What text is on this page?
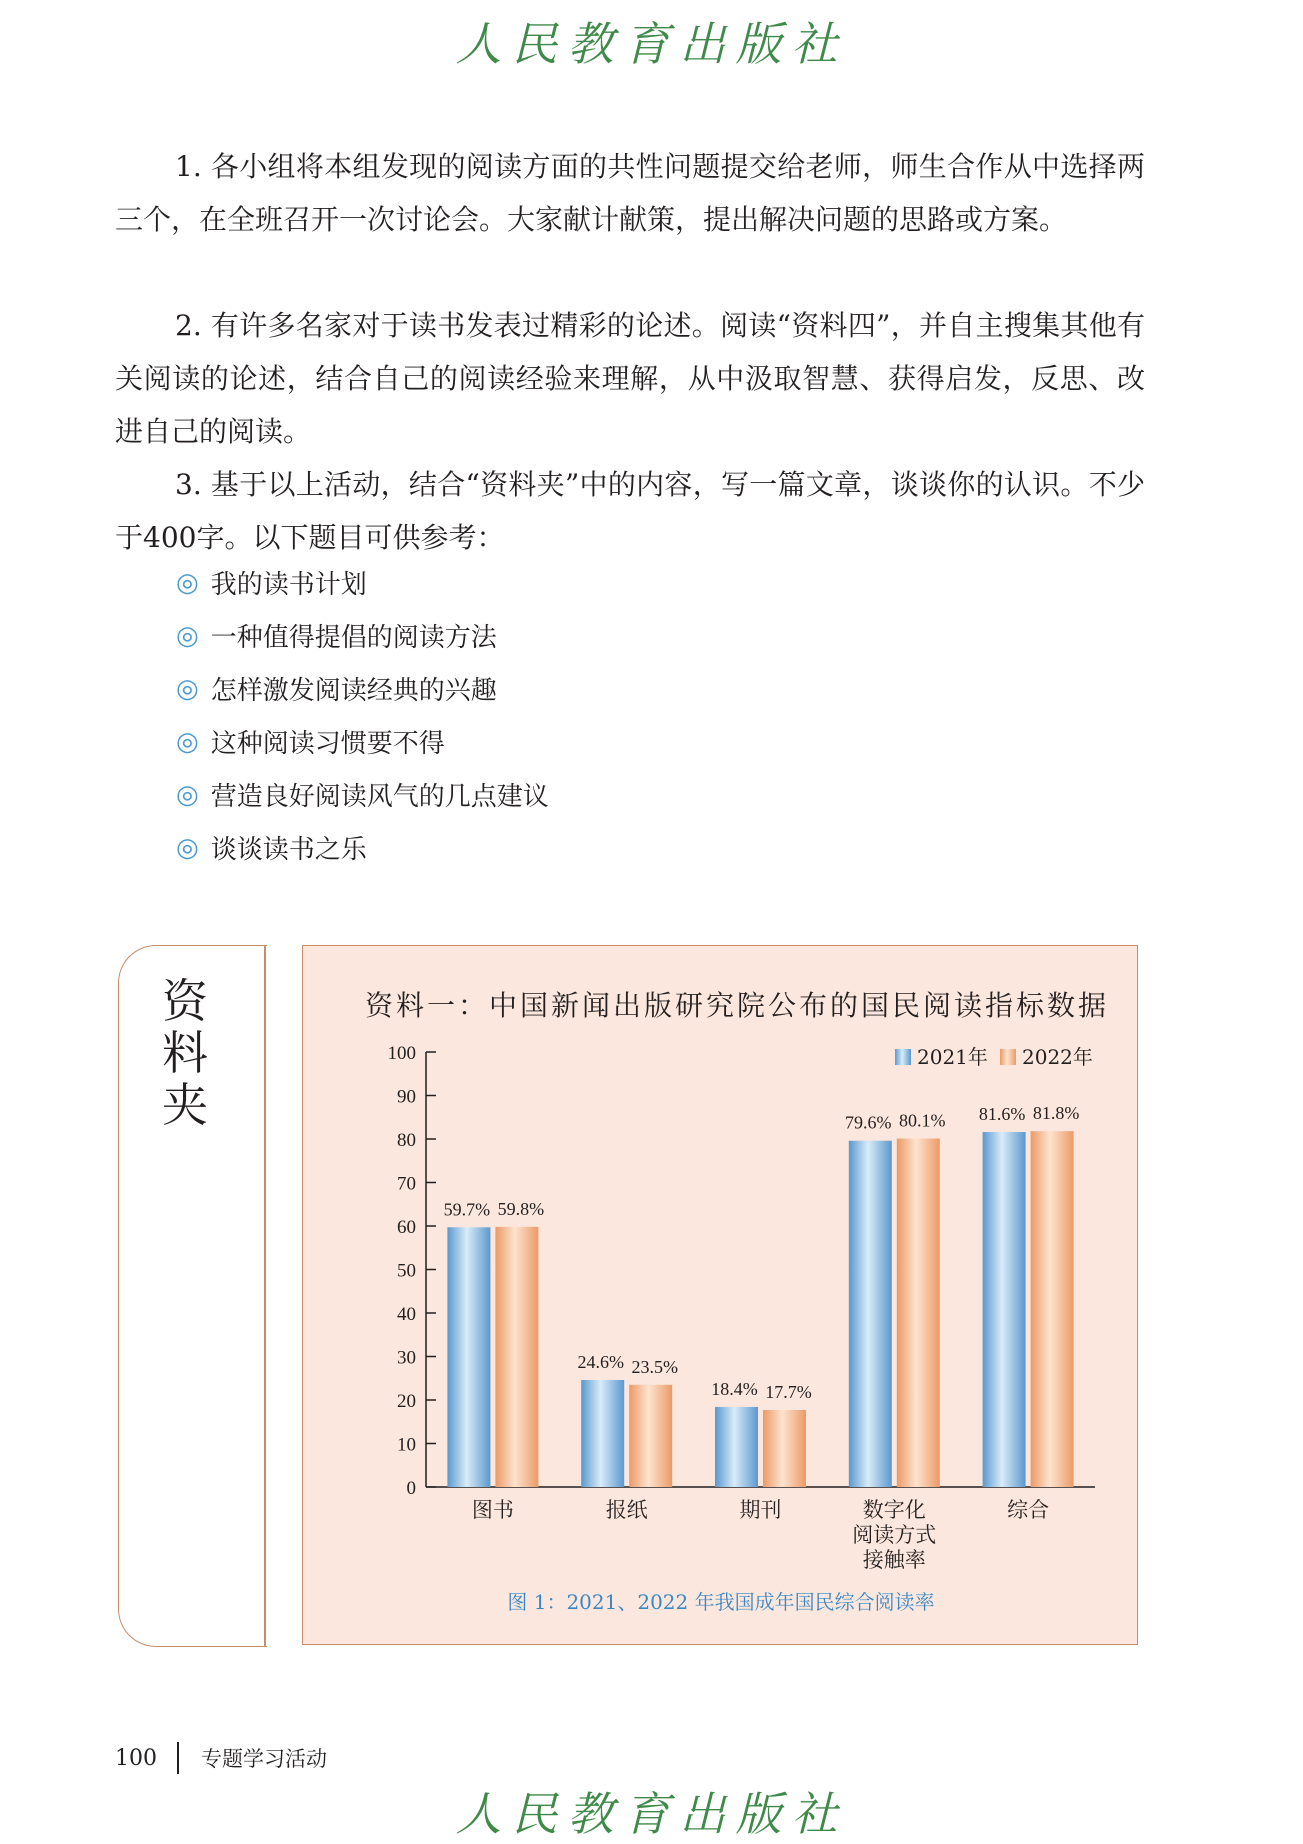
人民教育出版社
1. 各小组将本组发现的阅读方面的共性问题提交给老师，师生合作从中选择两三个，在全班召开一次讨论会。大家献计献策，提出解决问题的思路或方案。
2. 有许多名家对于读书发表过精彩的论述。阅读“资料四”，并自主搜集其他有关阅读的论述，结合自己的阅读经验来理解，从中汲取智慧、获得启发，反思、改进自己的阅读。
3. 基于以上活动，结合“资料夹”中的内容，写一篇文章，谈谈你的认识。不少于400字。以下题目可供参考：
◎ 我的读书计划
◎ 一种值得提倡的阅读方法
◎ 怎样激发阅读经典的兴趣
◎ 这种阅读习惯要不得
◎ 营造良好阅读风气的几点建议
◎ 谈谈读书之乐
资料夹
资料一：中国新闻出版研究院公布的国民阅读指标数据
0
10
20
30
40
50
60
70
80
90
100
59.7% 59.8%
图书
24.6% 23.5%
报纸
18.4% 17.7%
期刊
79.6% 80.1%
数字化
阅读方式
接触率
81.6% 81.8%
综合
2021年 2022年
图 1：2021、2022 年我国成年国民综合阅读率
100 专题学习活动
人民教育出版社
